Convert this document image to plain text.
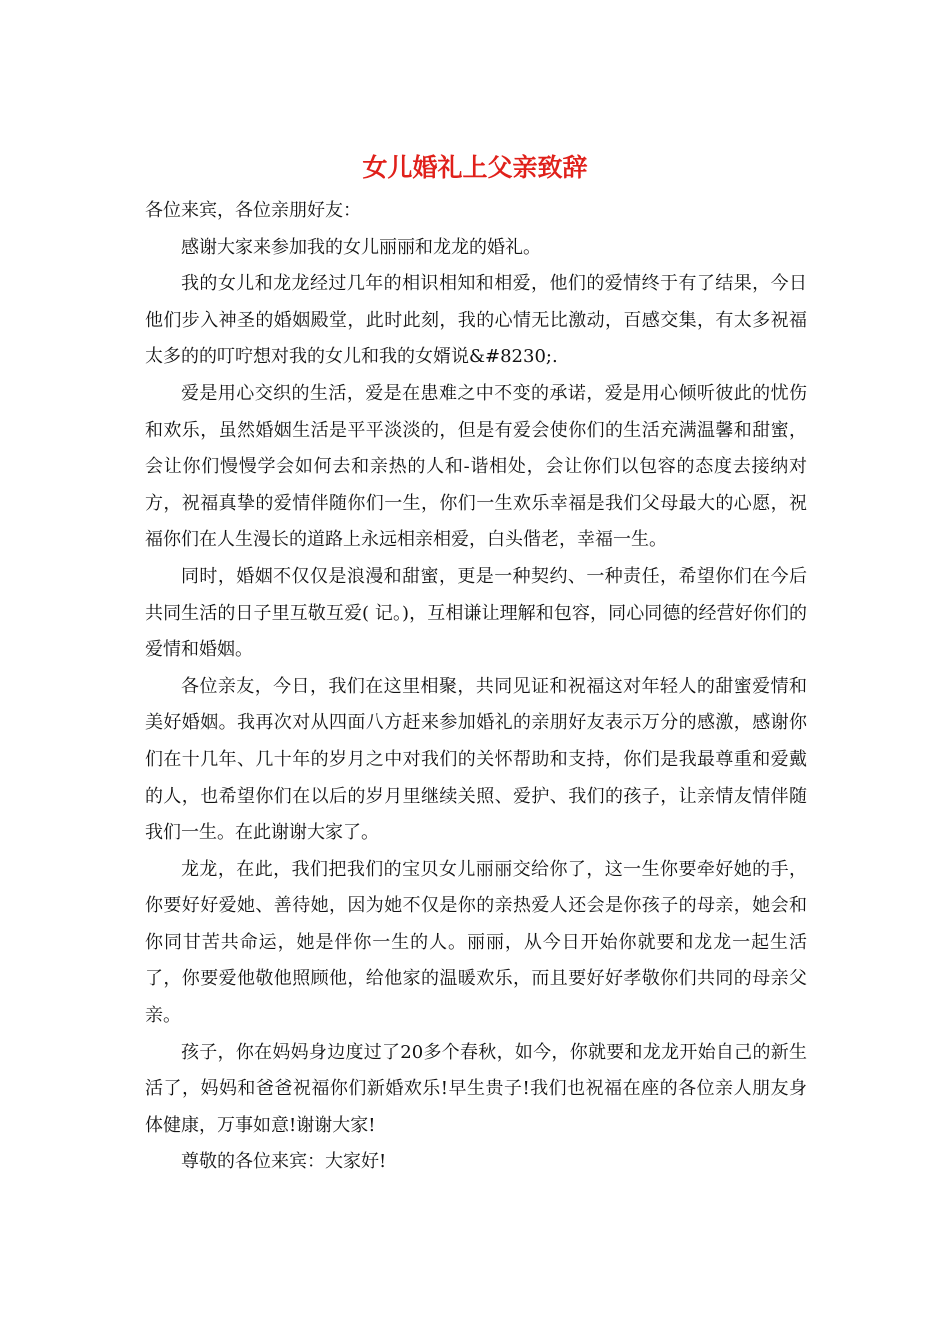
女儿婚礼上父亲致辞

各位来宾，各位亲朋好友：

感谢大家来参加我的女儿丽丽和龙龙的婚礼。

我的女儿和龙龙经过几年的相识相知和相爱，他们的爱情终于有了结果，今日他们步入神圣的婚姻殿堂，此时此刻，我的心情无比激动，百感交集，有太多祝福太多的的叮咛想对我的女儿和我的女婿说&#8230;.

爱是用心交织的生活，爱是在患难之中不变的承诺，爱是用心倾听彼此的忧伤和欢乐，虽然婚姻生活是平平淡淡的，但是有爱会使你们的生活充满温馨和甜蜜，会让你们慢慢学会如何去和亲热的人和-谐相处，会让你们以包容的态度去接纳对方，祝福真挚的爱情伴随你们一生，你们一生欢乐幸福是我们父母最大的心愿，祝福你们在人生漫长的道路上永远相亲相爱，白头偕老，幸福一生。

同时，婚姻不仅仅是浪漫和甜蜜，更是一种契约、一种责任，希望你们在今后共同生活的日子里互敬互爱( 记。)，互相谦让理解和包容，同心同德的经营好你们的爱情和婚姻。

各位亲友，今日，我们在这里相聚，共同见证和祝福这对年轻人的甜蜜爱情和美好婚姻。我再次对从四面八方赶来参加婚礼的亲朋好友表示万分的感激，感谢你们在十几年、几十年的岁月之中对我们的关怀帮助和支持，你们是我最尊重和爱戴的人，也希望你们在以后的岁月里继续关照、爱护、我们的孩子，让亲情友情伴随我们一生。在此谢谢大家了。

龙龙，在此，我们把我们的宝贝女儿丽丽交给你了，这一生你要牵好她的手，你要好好爱她、善待她，因为她不仅是你的亲热爱人还会是你孩子的母亲，她会和你同甘苦共命运，她是伴你一生的人。丽丽，从今日开始你就要和龙龙一起生活了，你要爱他敬他照顾他，给他家的温暖欢乐，而且要好好孝敬你们共同的母亲父亲。

孩子，你在妈妈身边度过了20多个春秋，如今，你就要和龙龙开始自己的新生活了，妈妈和爸爸祝福你们新婚欢乐!早生贵子!我们也祝福在座的各位亲人朋友身体健康，万事如意!谢谢大家!

尊敬的各位来宾：大家好!
